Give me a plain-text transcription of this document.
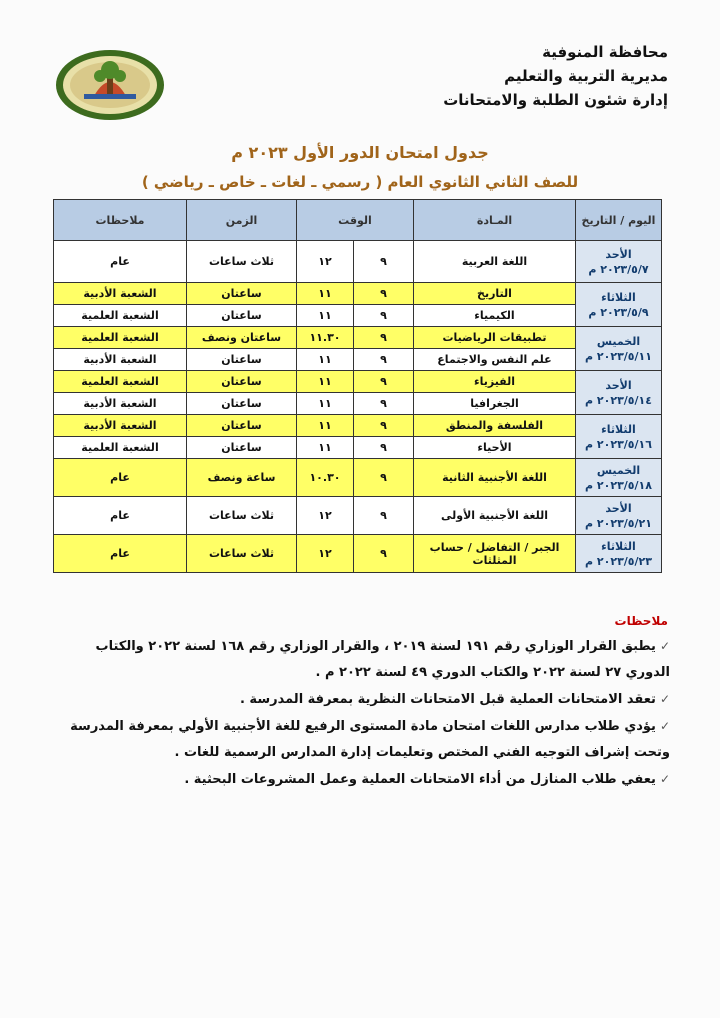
محافظة المنوفية
مديرية التربية والتعليم
إدارة شئون الطلبة والامتحانات
جدول امتحان الدور الأول ٢٠٢٣ م
للصف الثاني الثانوي العام ( رسمي ـ لغات ـ خاص ـ رياضي )
اليوم / التاريخ	المـادة	الوقت		الزمن	ملاحظات

الأحد
٢٠٢٣/٥/٧ م	اللغة العربية	٩	١٢	ثلاث ساعات	عام

الثلاثاء
٢٠٢٣/٥/٩ م	التاريخ	٩	١١	ساعتان	الشعبة الأدبية
	الكيمياء	٩	١١	ساعتان	الشعبة العلمية

الخميس
٢٠٢٣/٥/١١ م	تطبيقات الرياضيات	٩	١١.٣٠	ساعتان ونصف	الشعبة العلمية
	علم النفس والاجتماع	٩	١١	ساعتان	الشعبة الأدبية

الأحد
٢٠٢٣/٥/١٤ م	الفيزياء	٩	١١	ساعتان	الشعبة العلمية
	الجغرافيا	٩	١١	ساعتان	الشعبة الأدبية

الثلاثاء
٢٠٢٣/٥/١٦ م	الفلسفة والمنطق	٩	١١	ساعتان	الشعبة الأدبية
	الأحياء	٩	١١	ساعتان	الشعبة العلمية

الخميس
٢٠٢٣/٥/١٨ م	اللغة الأجنبية الثانية	٩	١٠.٣٠	ساعة ونصف	عام

الأحد
٢٠٢٣/٥/٢١ م	اللغة الأجنبية الأولى	٩	١٢	ثلاث ساعات	عام

الثلاثاء
٢٠٢٣/٥/٢٣ م	الجبر / التفاضل / حساب المثلثات	٩	١٢	ثلاث ساعات	عام
ملاحظات
✓يطبق القرار الوزاري رقم ١٩١ لسنة ٢٠١٩ ، والقرار الوزاري رقم ١٦٨ لسنة ٢٠٢٢ والكتاب الدوري ٢٧ لسنة ٢٠٢٢ والكتاب الدوري ٤٩ لسنة ٢٠٢٢ م .
✓تعقد الامتحانات العملية قبل الامتحانات النظرية بمعرفة المدرسة .
✓يؤدي طلاب مدارس اللغات امتحان مادة المستوى الرفيع للغة الأجنبية الأولي بمعرفة المدرسة وتحت إشراف التوجيه الفني المختص وتعليمات إدارة المدارس الرسمية للغات .
✓يعفي طلاب المنازل من أداء الامتحانات العملية وعمل المشروعات البحثية .
